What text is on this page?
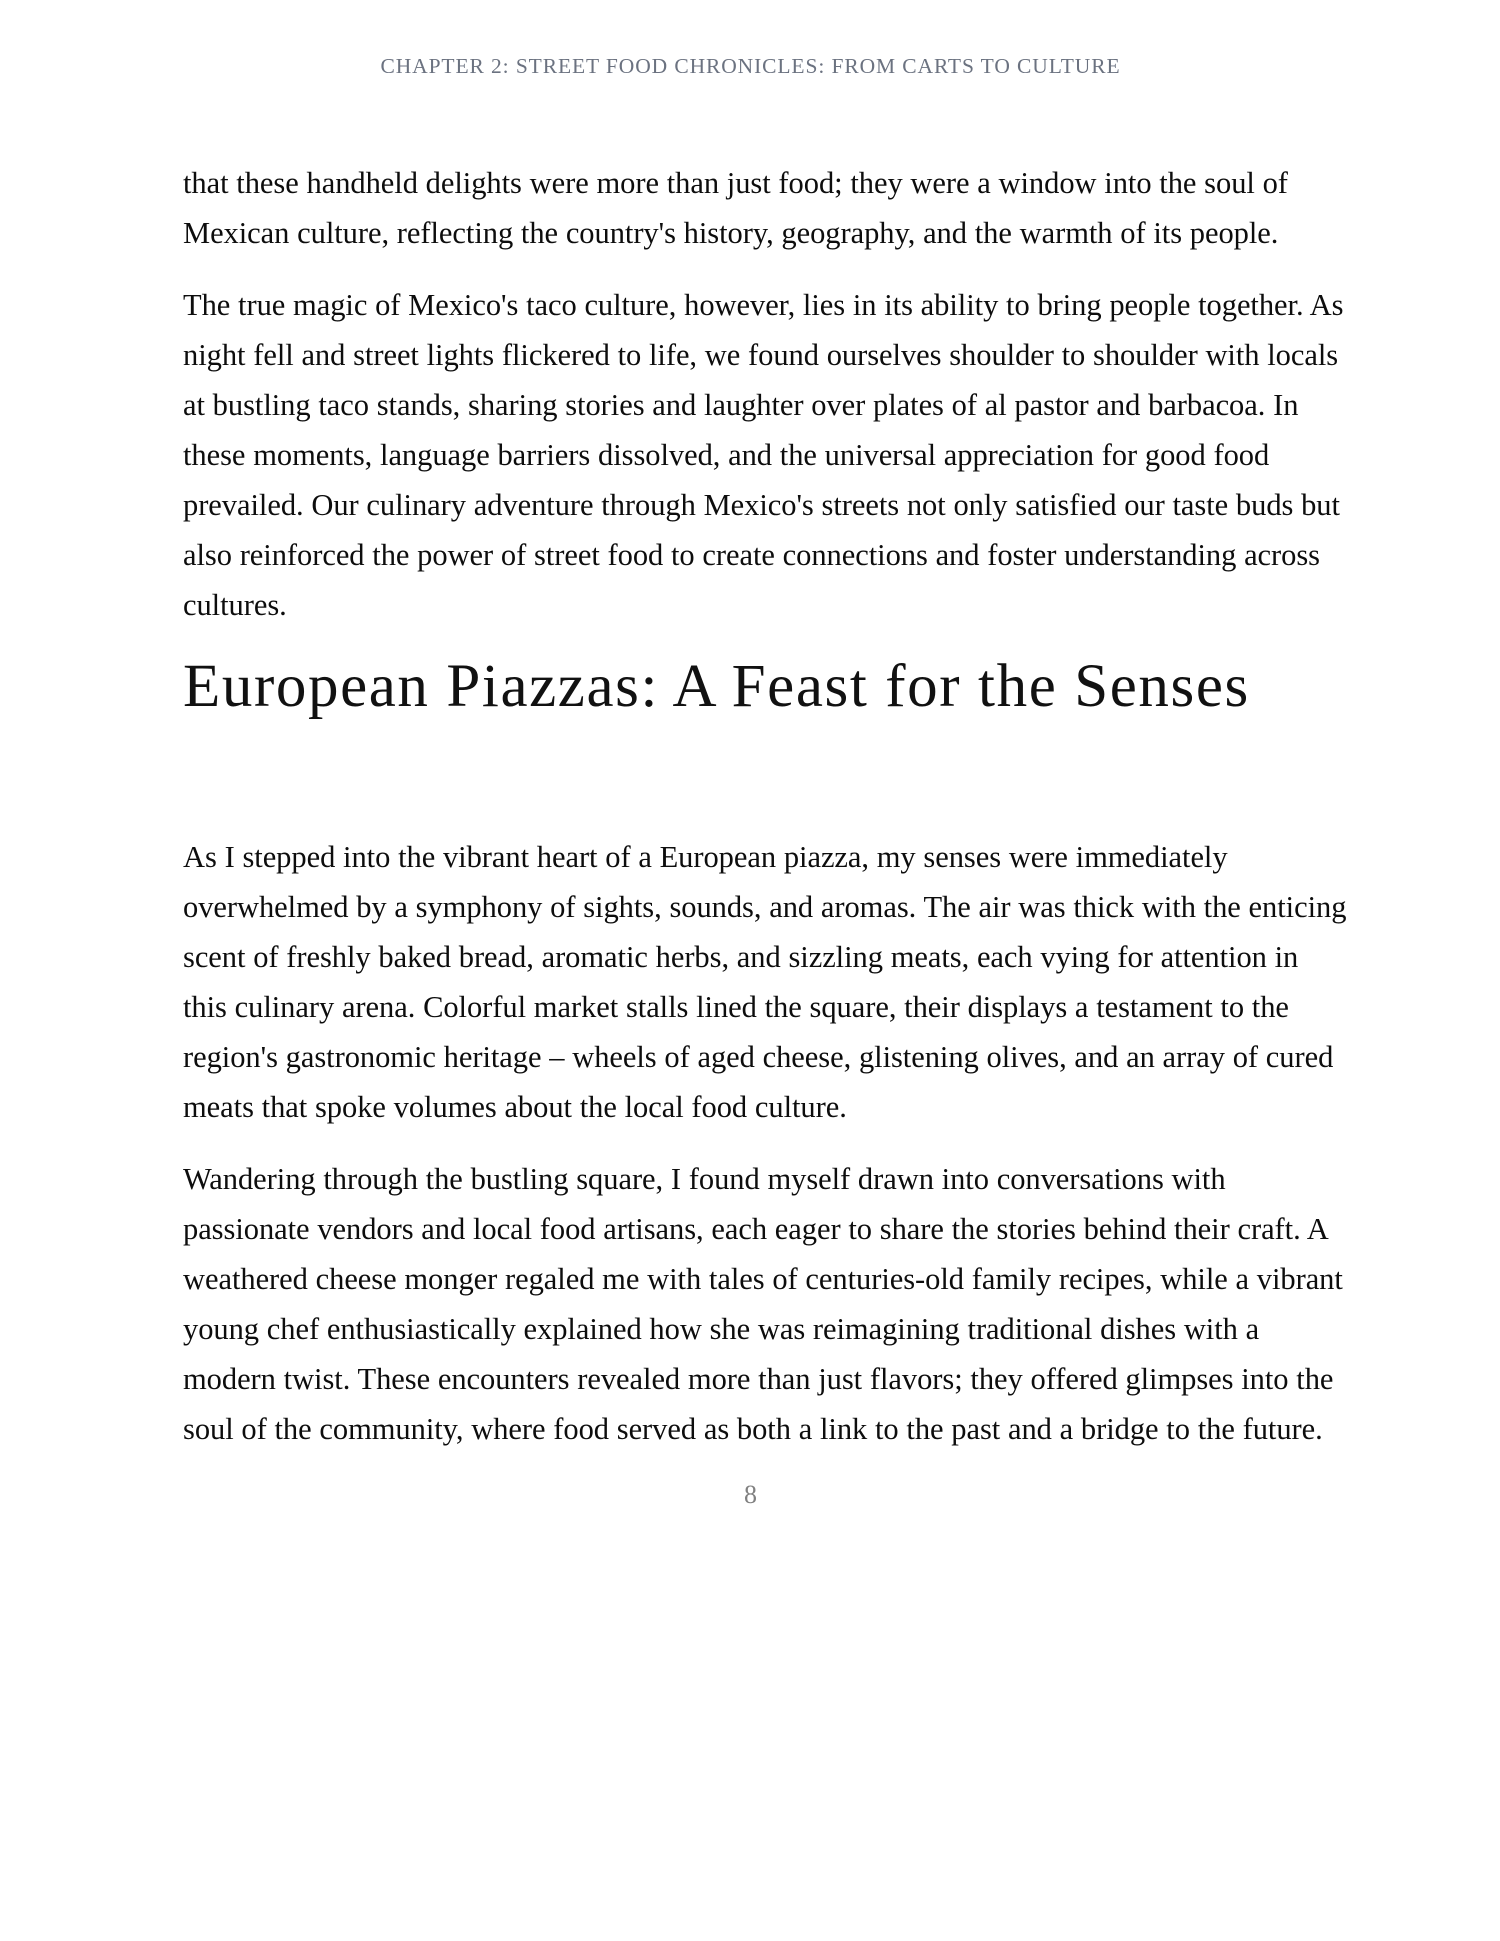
CHAPTER 2: STREET FOOD CHRONICLES: FROM CARTS TO CULTURE

that these handheld delights were more than just food; they were a window into the soul of Mexican culture, reflecting the country's history, geography, and the warmth of its people.

The true magic of Mexico's taco culture, however, lies in its ability to bring people together. As night fell and street lights flickered to life, we found ourselves shoulder to shoulder with locals at bustling taco stands, sharing stories and laughter over plates of al pastor and barbacoa. In these moments, language barriers dissolved, and the universal appreciation for good food prevailed. Our culinary adventure through Mexico's streets not only satisfied our taste buds but also reinforced the power of street food to create connections and foster understanding across cultures.

European Piazzas: A Feast for the Senses

As I stepped into the vibrant heart of a European piazza, my senses were immediately overwhelmed by a symphony of sights, sounds, and aromas. The air was thick with the enticing scent of freshly baked bread, aromatic herbs, and sizzling meats, each vying for attention in this culinary arena. Colorful market stalls lined the square, their displays a testament to the region's gastronomic heritage – wheels of aged cheese, glistening olives, and an array of cured meats that spoke volumes about the local food culture.

Wandering through the bustling square, I found myself drawn into conversations with passionate vendors and local food artisans, each eager to share the stories behind their craft. A weathered cheese monger regaled me with tales of centuries-old family recipes, while a vibrant young chef enthusiastically explained how she was reimagining traditional dishes with a modern twist. These encounters revealed more than just flavors; they offered glimpses into the soul of the community, where food served as both a link to the past and a bridge to the future.

8
